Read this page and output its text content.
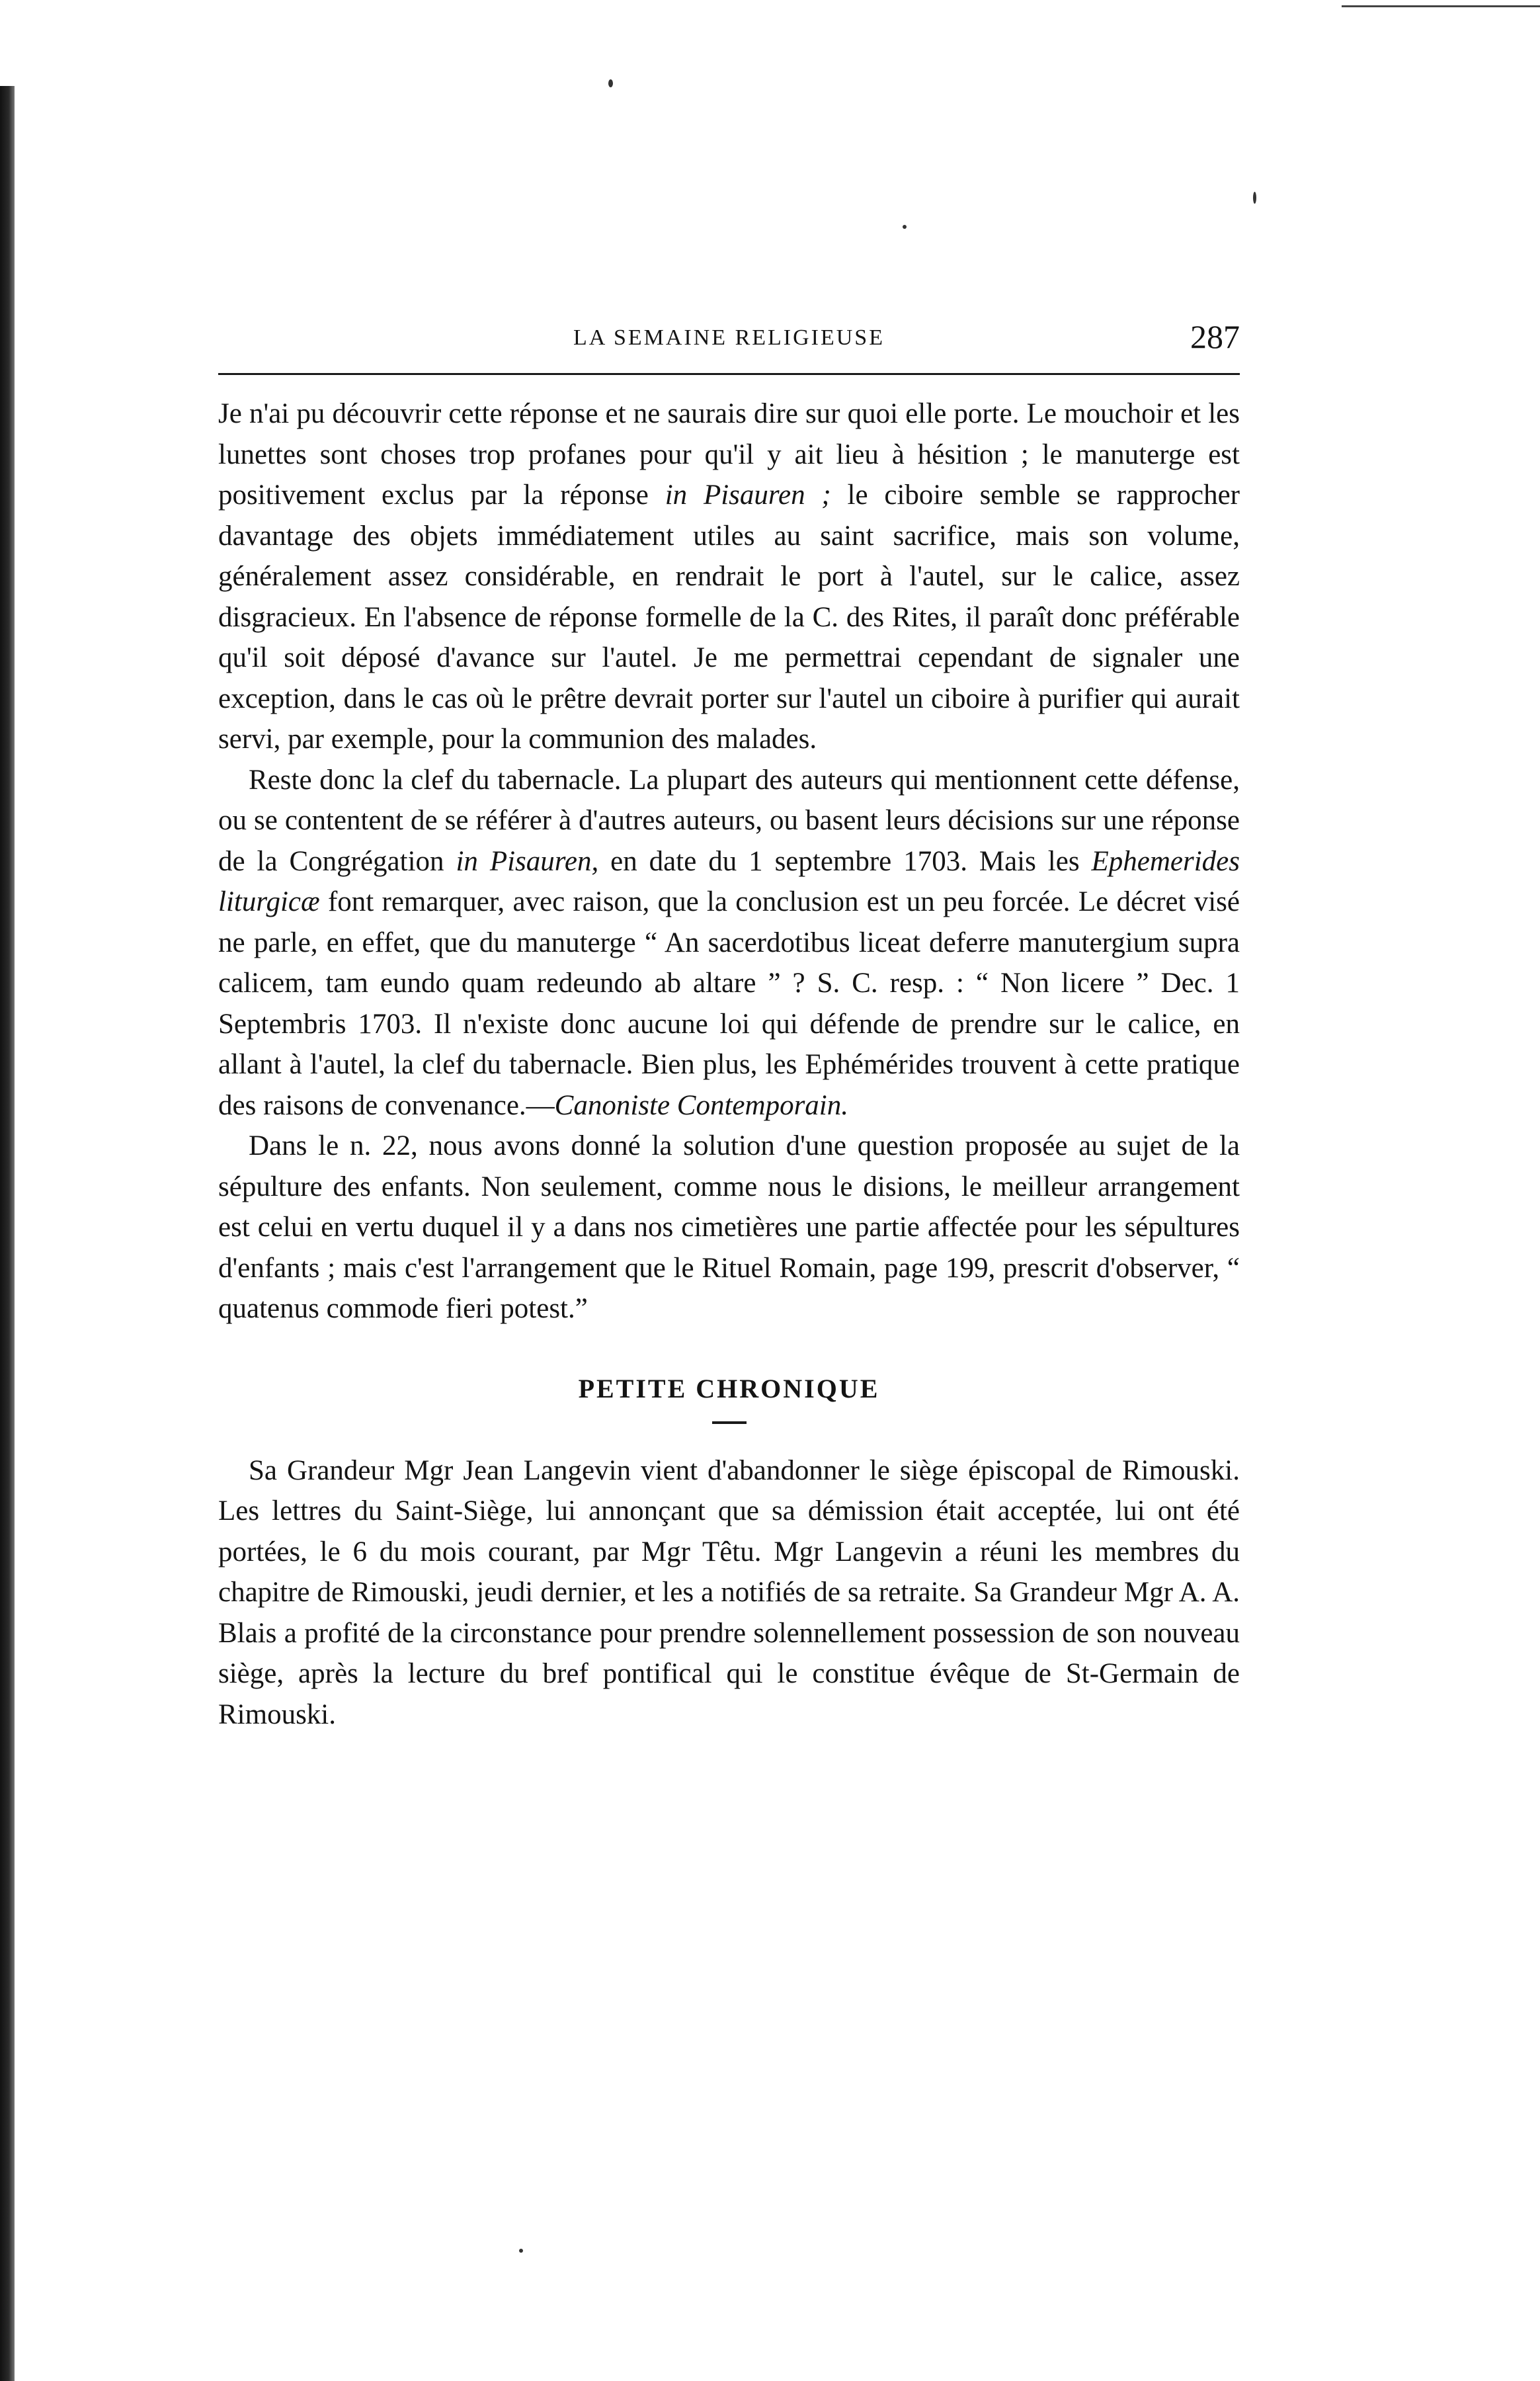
LA SEMAINE RELIGIEUSE	287

Je n'ai pu découvrir cette réponse et ne saurais dire sur quoi elle porte. Le mouchoir et les lunettes sont choses trop profanes pour qu'il y ait lieu à hésition ; le manuterge est positivement exclus par la réponse in Pisauren ; le ciboire semble se rapprocher davantage des objets immédiatement utiles au saint sacrifice, mais son volume, généralement assez considérable, en rendrait le port à l'autel, sur le calice, assez disgracieux. En l'absence de réponse formelle de la C. des Rites, il paraît donc préférable qu'il soit déposé d'avance sur l'autel. Je me permettrai cependant de signaler une exception, dans le cas où le prêtre devrait porter sur l'autel un ciboire à purifier qui aurait servi, par exemple, pour la communion des malades.

Reste donc la clef du tabernacle. La plupart des auteurs qui mentionnent cette défense, ou se contentent de se référer à d'autres auteurs, ou basent leurs décisions sur une réponse de la Congrégation in Pisauren, en date du 1 septembre 1703. Mais les Ephemerides liturgicæ font remarquer, avec raison, que la conclusion est un peu forcée. Le décret visé ne parle, en effet, que du manuterge “ An sacerdotibus liceat deferre manutergium supra calicem, tam eundo quam redeundo ab altare ” ? S. C. resp. : “ Non licere ” Dec. 1 Septembris 1703. Il n'existe donc aucune loi qui défende de prendre sur le calice, en allant à l'autel, la clef du tabernacle. Bien plus, les Ephémérides trouvent à cette pratique des raisons de convenance.—Canoniste Contemporain.

Dans le n. 22, nous avons donné la solution d'une question proposée au sujet de la sépulture des enfants. Non seulement, comme nous le disions, le meilleur arrangement est celui en vertu duquel il y a dans nos cimetières une partie affectée pour les sépultures d'enfants ; mais c'est l'arrangement que le Rituel Romain, page 199, prescrit d'observer, “ quatenus commode fieri potest.”

PETITE CHRONIQUE

Sa Grandeur Mgr Jean Langevin vient d'abandonner le siège épiscopal de Rimouski. Les lettres du Saint-Siège, lui annonçant que sa démission était acceptée, lui ont été portées, le 6 du mois courant, par Mgr Têtu. Mgr Langevin a réuni les membres du chapitre de Rimouski, jeudi dernier, et les a notifiés de sa retraite. Sa Grandeur Mgr A. A. Blais a profité de la circonstance pour prendre solennellement possession de son nouveau siège, après la lecture du bref pontifical qui le constitue évêque de St-Germain de Rimouski.
